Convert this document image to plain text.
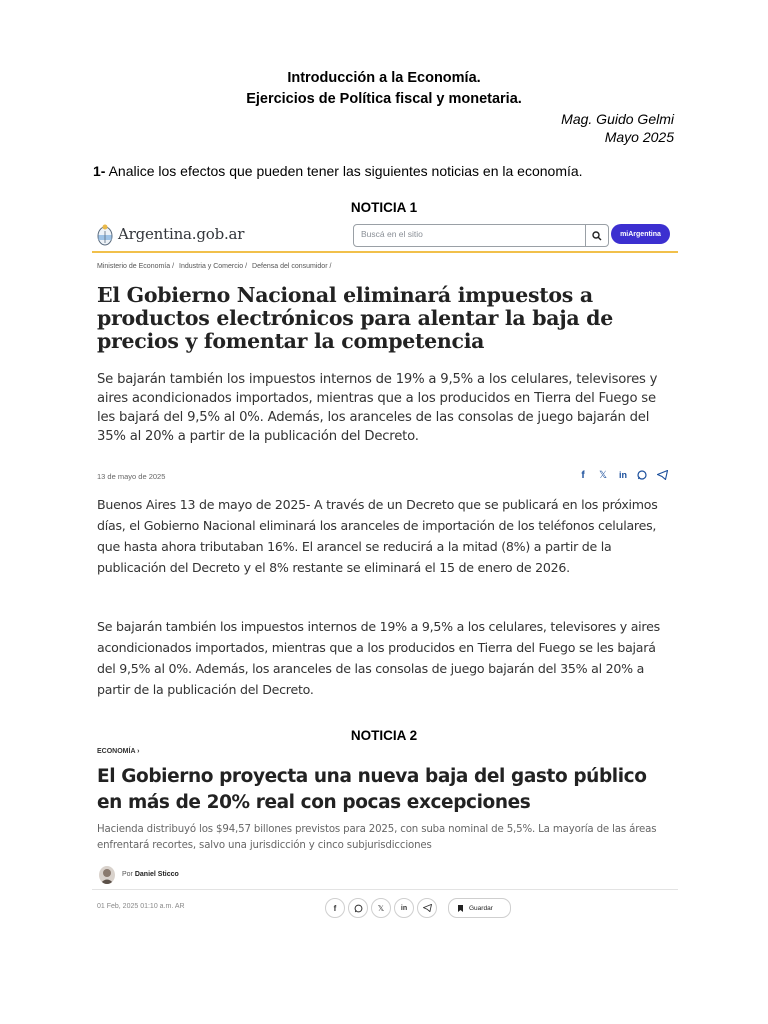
Introducción a la Economía.
Ejercicios de Política fiscal y monetaria.
Mag. Guido Gelmi
Mayo 2025
1- Analice los efectos que pueden tener las siguientes noticias en la economía.
NOTICIA 1
Argentina.gob.ar
Buscá en el sitio	miArgentina
Ministerio de Economía / Industria y Comercio / Defensa del consumidor /
El Gobierno Nacional eliminará impuestos a productos electrónicos para alentar la baja de precios y fomentar la competencia
Se bajarán también los impuestos internos de 19% a 9,5% a los celulares, televisores y aires acondicionados importados, mientras que a los producidos en Tierra del Fuego se les bajará del 9,5% al 0%. Además, los aranceles de las consolas de juego bajarán del 35% al 20% a partir de la publicación del Decreto.
13 de mayo de 2025	f	𝕏	in
Buenos Aires 13 de mayo de 2025- A través de un Decreto que se publicará en los próximos días, el Gobierno Nacional eliminará los aranceles de importación de los teléfonos celulares, que hasta ahora tributaban 16%. El arancel se reducirá a la mitad (8%) a partir de la publicación del Decreto y el 8% restante se eliminará el 15 de enero de 2026.
Se bajarán también los impuestos internos de 19% a 9,5% a los celulares, televisores y aires acondicionados importados, mientras que a los producidos en Tierra del Fuego se les bajará del 9,5% al 0%. Además, los aranceles de las consolas de juego bajarán del 35% al 20% a partir de la publicación del Decreto.
NOTICIA 2
ECONOMÍA ›
El Gobierno proyecta una nueva baja del gasto público en más de 20% real con pocas excepciones
Hacienda distribuyó los $94,57 billones previstos para 2025, con suba nominal de 5,5%. La mayoría de las áreas enfrentará recortes, salvo una jurisdicción y cinco subjurisdicciones
Por Daniel Sticco
01 Feb, 2025 01:10 a.m. AR	f	𝕏	in	Guardar
